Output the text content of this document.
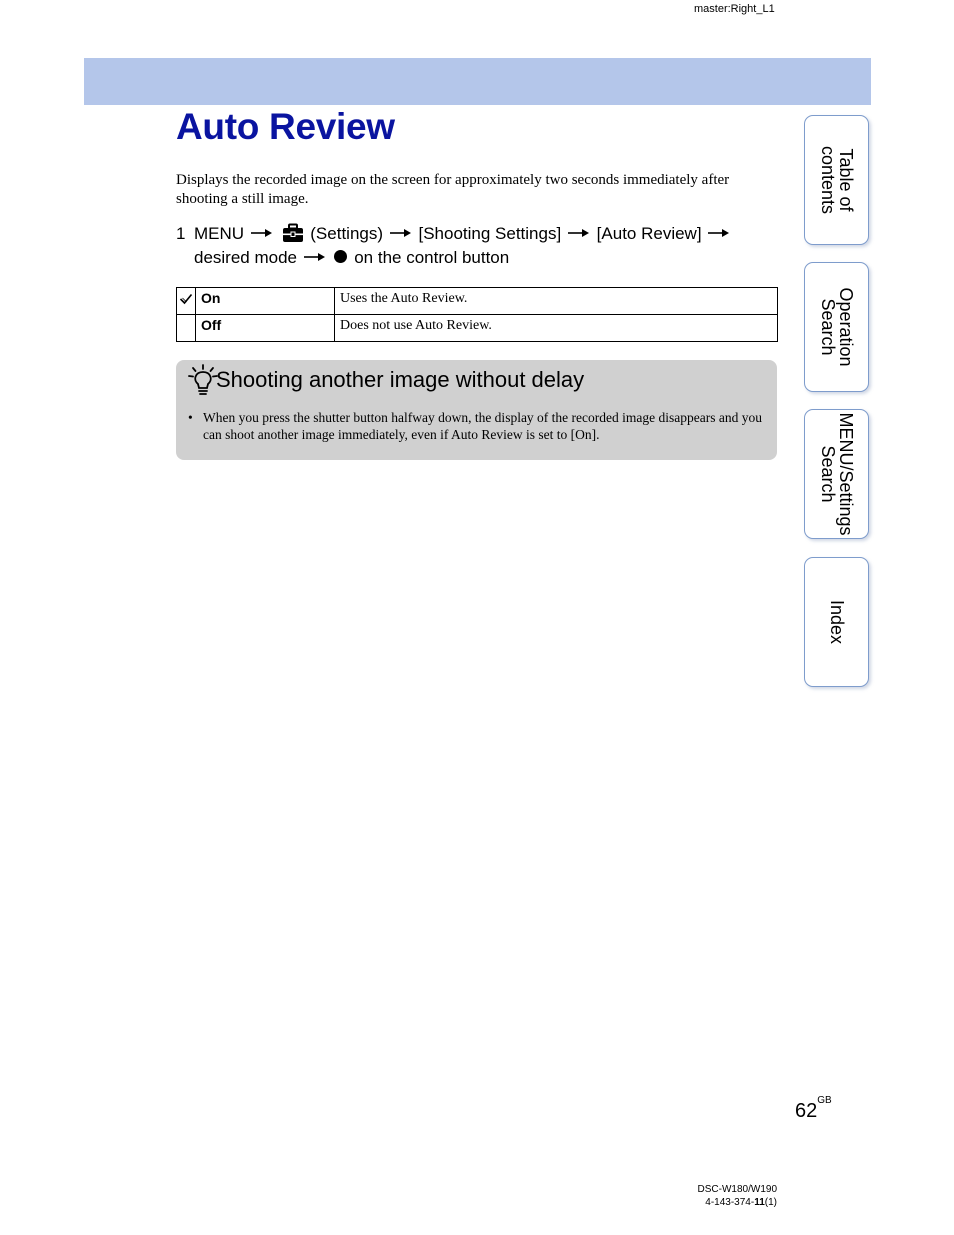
master:Right_L1
Auto Review
Displays the recorded image on the screen for approximately two seconds immediately after shooting a still image.
1 MENU	(Settings) [Shooting Settings] [Auto Review]
desired mode	on the control button
	On	Uses the Auto Review.
	Off	Does not use Auto Review.
Shooting another image without delay
• When you press the shutter button halfway down, the display of the recorded image disappears and you can shoot another image immediately, even if Auto Review is set to [On].
Table of
contents
Operation
Search
MENU/Settings
Search
Index
$62^{GB}$
DSC-W180/W190
4-143-374-11(1)
